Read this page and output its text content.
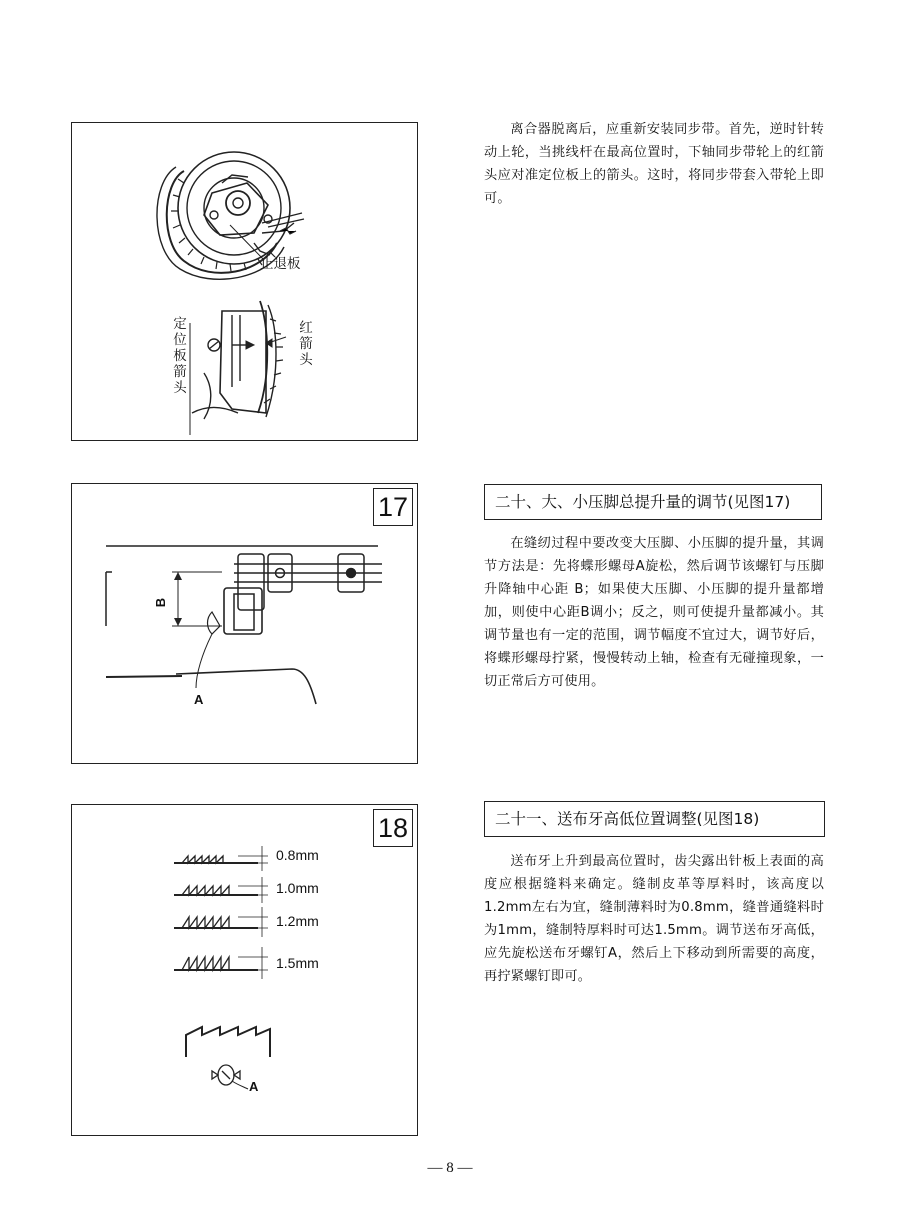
止退板
定位板箭头
红箭头

离合器脱离后，应重新安装同步带。首先，逆时针转动上轮，当挑线杆在最高位置时，下轴同步带轮上的红箭头应对准定位板上的箭头。这时，将同步带套入带轮上即可。

17
B
A
二十、大、小压脚总提升量的调节(见图17)

在缝纫过程中要改变大压脚、小压脚的提升量，其调节方法是：先将蝶形螺母A旋松，然后调节该螺钉与压脚升降轴中心距 B；如果使大压脚、小压脚的提升量都增加，则使中心距B调小；反之，则可使提升量都减小。其调节量也有一定的范围，调节幅度不宜过大，调节好后，将蝶形螺母拧紧，慢慢转动上轴，检查有无碰撞现象，一切正常后方可使用。

18
0.8mm
1.0mm
1.2mm
1.5mm
A
二十一、送布牙高低位置调整(见图18)

送布牙上升到最高位置时，齿尖露出针板上表面的高度应根据缝料来确定。缝制皮革等厚料时，该高度以1.2mm左右为宜，缝制薄料时为0.8mm，缝普通缝料时为1mm，缝制特厚料时可达1.5mm。调节送布牙高低，应先旋松送布牙螺钉A，然后上下移动到所需要的高度，再拧紧螺钉即可。

— 8 —
